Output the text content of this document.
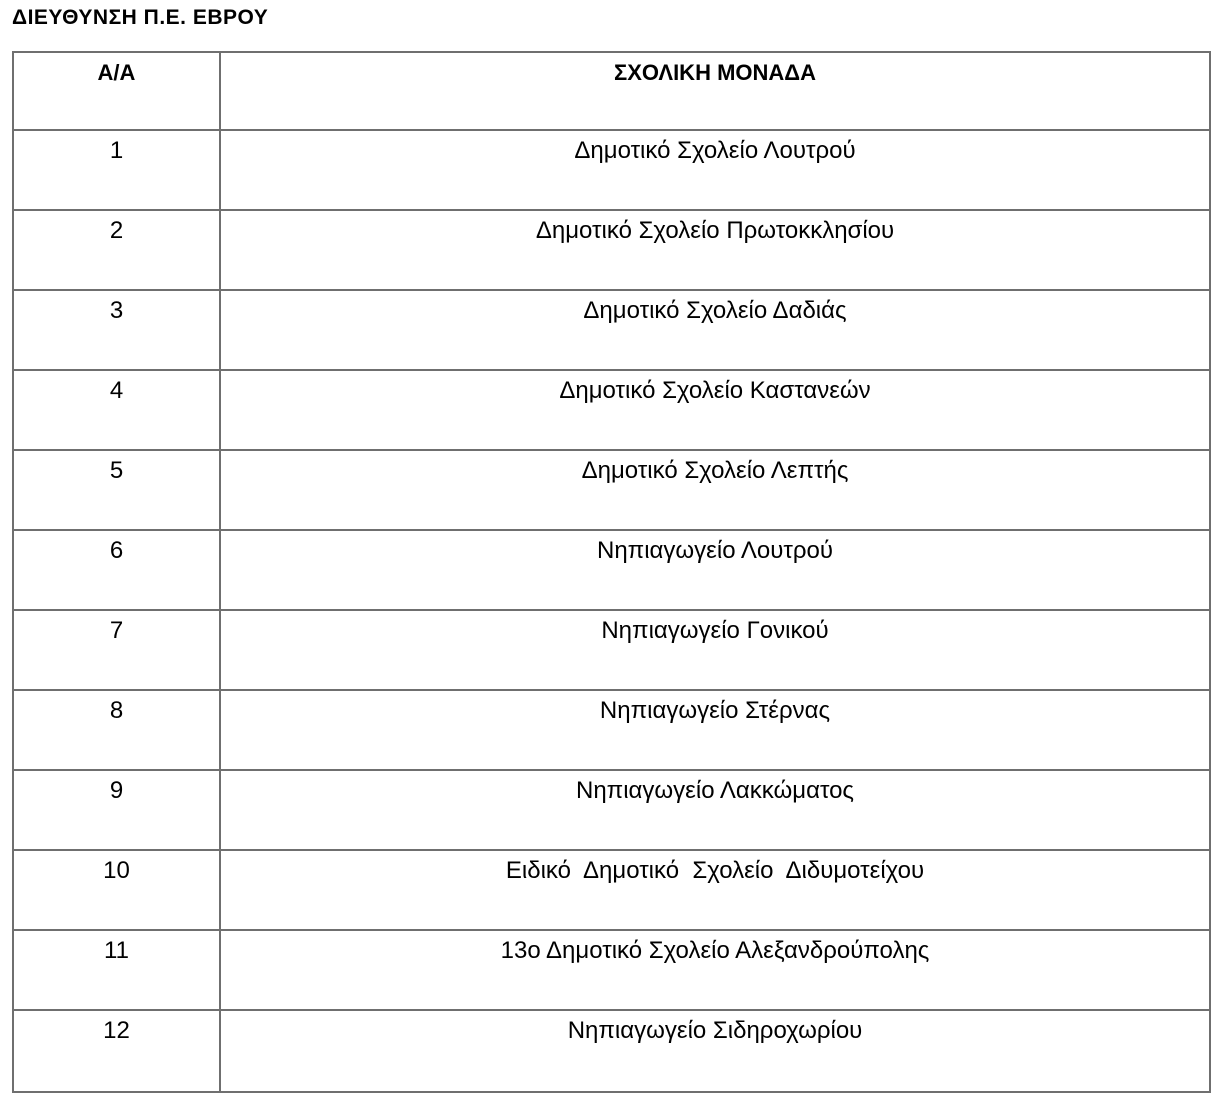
ΔΙΕΥΘΥΝΣΗ Π.Ε. ΕΒΡΟΥ
Α/Α	ΣΧΟΛΙΚΗ ΜΟΝΑΔΑ
1	Δημοτικό Σχολείο Λουτρού
2	Δημοτικό Σχολείο Πρωτοκκλησίου
3	Δημοτικό Σχολείο Δαδιάς
4	Δημοτικό Σχολείο Καστανεών
5	Δημοτικό Σχολείο Λεπτής
6	Νηπιαγωγείο Λουτρού
7	Νηπιαγωγείο Γονικού
8	Νηπιαγωγείο Στέρνας
9	Νηπιαγωγείο Λακκώματος
10	Ειδικό  Δημοτικό  Σχολείο  Διδυμοτείχου
11	13ο Δημοτικό Σχολείο Αλεξανδρούπολης
12	Νηπιαγωγείο Σιδηροχωρίου
